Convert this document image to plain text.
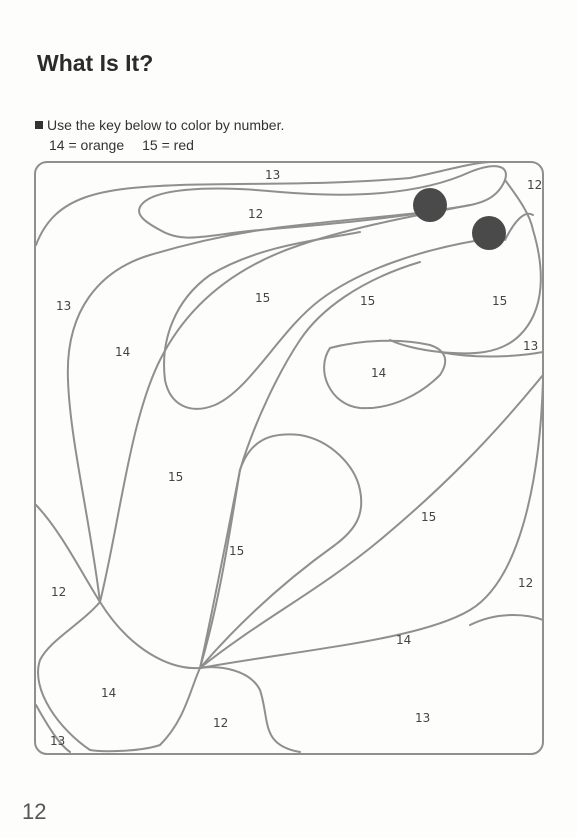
What Is It?
Use the key below to color by number.
14 = orange 15 = red
13
12
12
13
15	15	15
14	13
14
15
15
15
12
12
14
14
12	13
13
12
